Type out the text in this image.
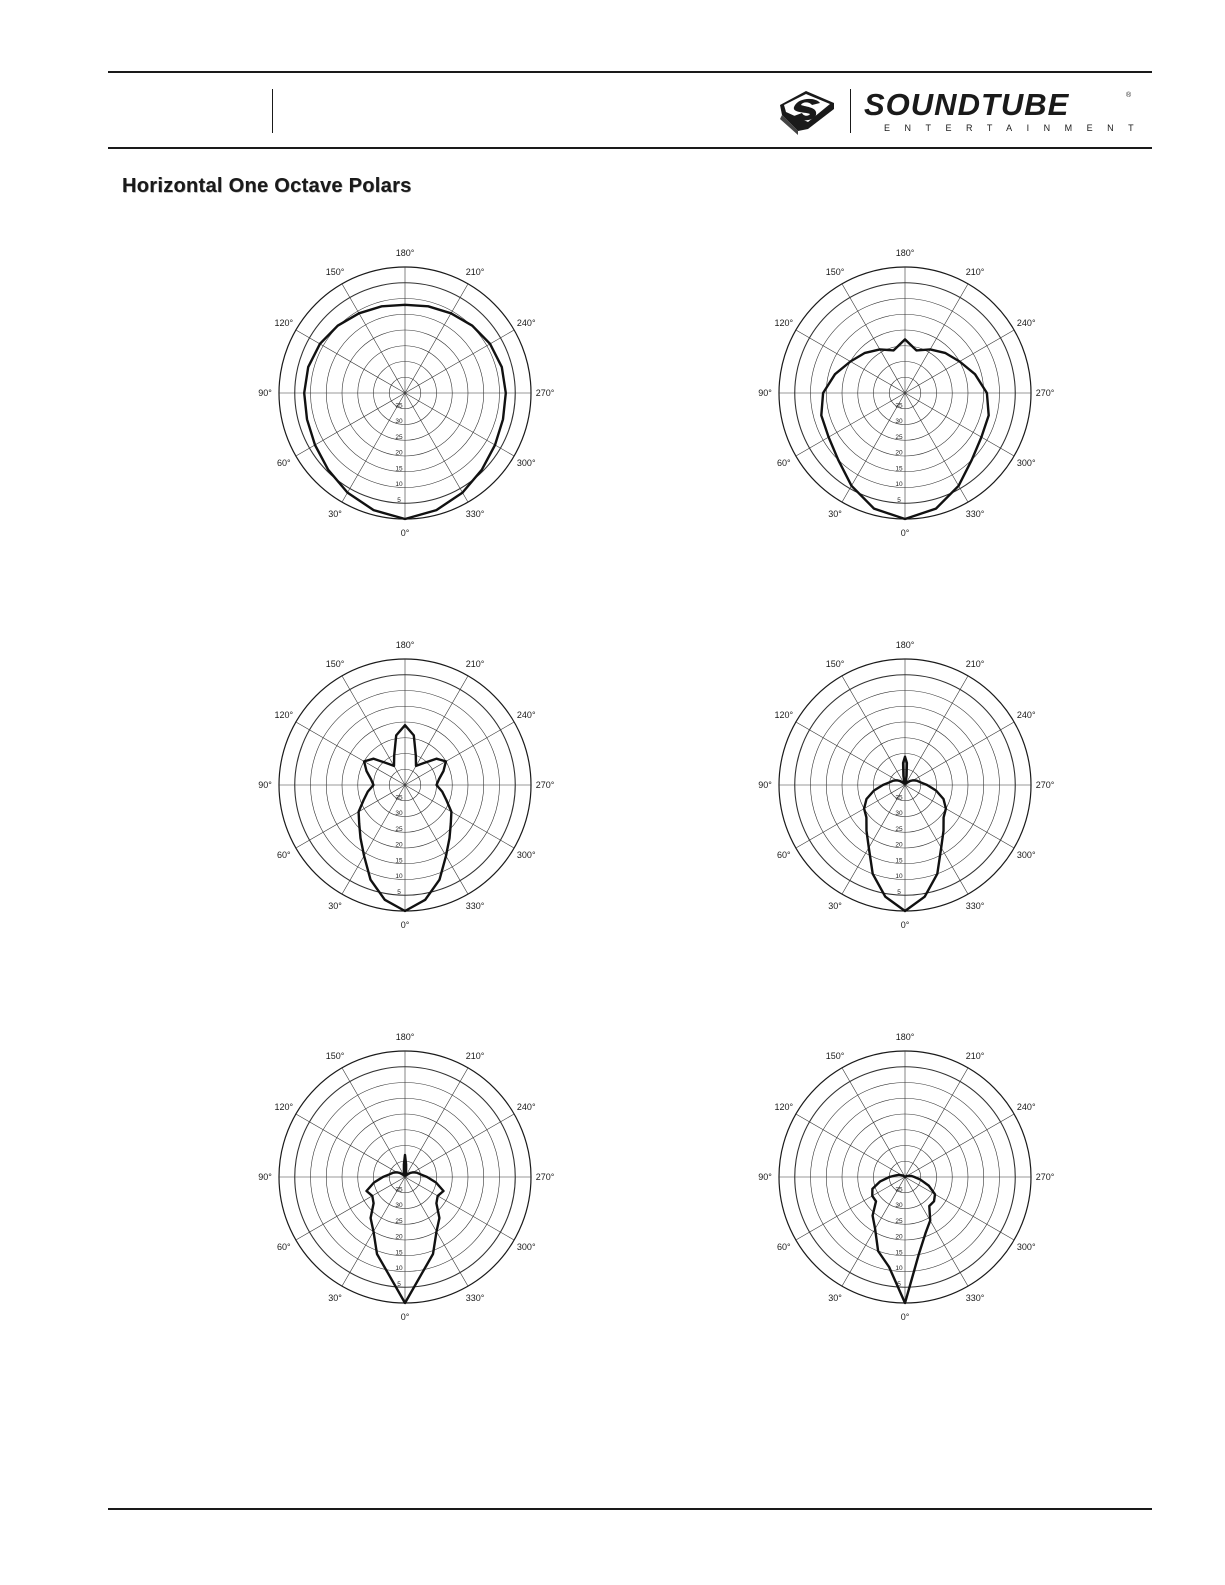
SOUNDTUBE	®
ENTERTAINMENT
Horizontal One Octave Polars
0°
30°
60°
90°
120°
150°
180°
210°
240°
270°
300°
330°
5
10
15
20
25
30
35
0°
30°
60°
90°
120°
150°
180°
210°
240°
270°
300°
330°
5
10
15
20
25
30
35
0°
30°
60°
90°
120°
150°
180°
210°
240°
270°
300°
330°
5
10
15
20
25
30
35
0°
30°
60°
90°
120°
150°
180°
210°
240°
270°
300°
330°
5
10
15
20
25
30
35
0°
30°
60°
90°
120°
150°
180°
210°
240°
270°
300°
330°
5
10
15
20
25
30
35
0°
30°
60°
90°
120°
150°
180°
210°
240°
270°
300°
330°
5
10
15
20
25
30
35
